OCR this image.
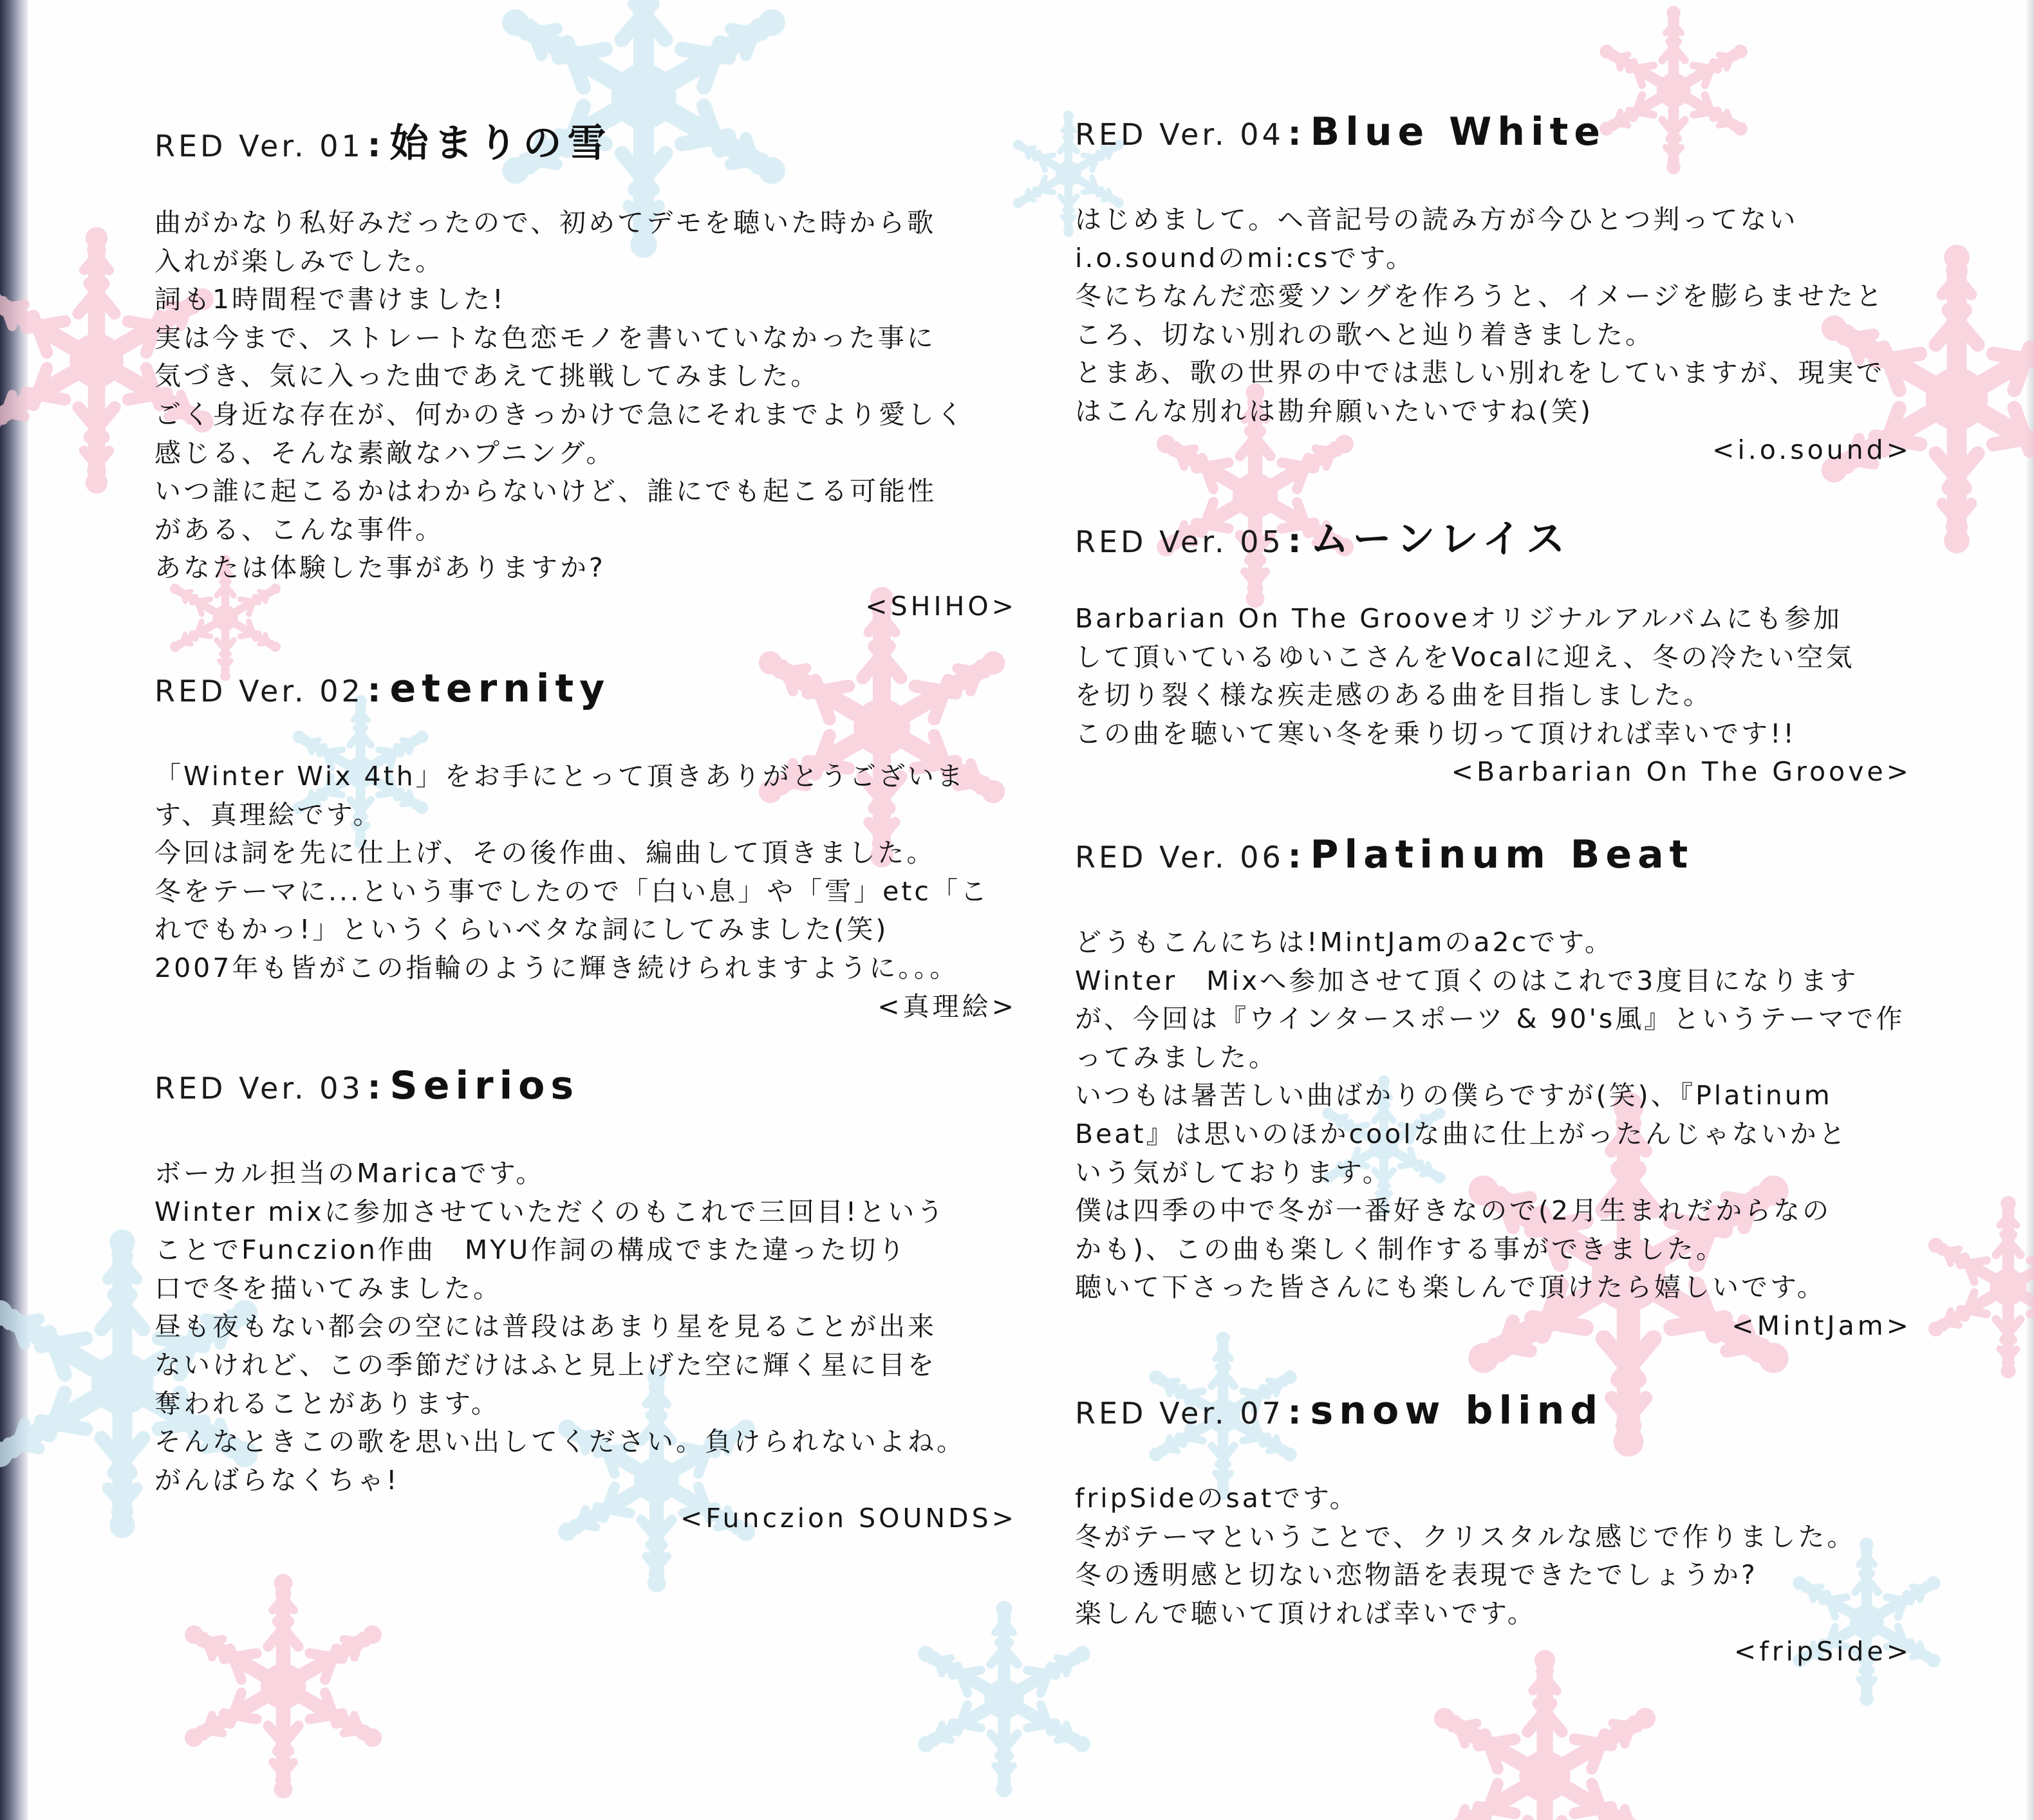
RED Ver. 01 : 始まりの雪
曲がかなり私好みだったので、初めてデモを聴いた時から歌
入れが楽しみでした。
詞も1時間程で書けました!
実は今まで、ストレートな色恋モノを書いていなかった事に
気づき、気に入った曲であえて挑戦してみました。
ごく身近な存在が、何かのきっかけで急にそれまでより愛しく
感じる、そんな素敵なハプニング。
いつ誰に起こるかはわからないけど、誰にでも起こる可能性
がある、こんな事件。
あなたは体験した事がありますか?
<SHIHO>
RED Ver. 02 : eternity
「Winter Wix 4th」をお手にとって頂きありがとうございま
す、真理絵です。
今回は詞を先に仕上げ、その後作曲、編曲して頂きました。
冬をテーマに...という事でしたので「白い息」や「雪」etc「こ
れでもかっ!」というくらいベタな詞にしてみました(笑)
2007年も皆がこの指輪のように輝き続けられますように。。。
<真理絵>
RED Ver. 03 : Seirios
ボーカル担当のMaricaです。
Winter mixに参加させていただくのもこれで三回目!という
ことでFunczion作曲　MYU作詞の構成でまた違った切り
口で冬を描いてみました。
昼も夜もない都会の空には普段はあまり星を見ることが出来
ないけれど、この季節だけはふと見上げた空に輝く星に目を
奪われることがあります。
そんなときこの歌を思い出してください。負けられないよね。
がんばらなくちゃ!
<Funczion SOUNDS>
RED Ver. 04 : Blue White
はじめまして。ヘ音記号の読み方が今ひとつ判ってない
i.o.soundのmi:csです。
冬にちなんだ恋愛ソングを作ろうと、イメージを膨らませたと
ころ、切ない別れの歌へと辿り着きました。
とまあ、歌の世界の中では悲しい別れをしていますが、現実で
はこんな別れは勘弁願いたいですね(笑)
<i.o.sound>
RED Ver. 05 : ムーンレイス
Barbarian On The Grooveオリジナルアルバムにも参加
して頂いているゆいこさんをVocalに迎え、冬の冷たい空気
を切り裂く様な疾走感のある曲を目指しました。
この曲を聴いて寒い冬を乗り切って頂ければ幸いです!!
<Barbarian On The Groove>
RED Ver. 06 : Platinum Beat
どうもこんにちは!MintJamのa2cです。
Winter　Mixへ参加させて頂くのはこれで3度目になります
が、今回は『ウインタースポーツ & 90's風』というテーマで作
ってみました。
いつもは暑苦しい曲ばかりの僕らですが(笑)、『Platinum
Beat』は思いのほかcoolな曲に仕上がったんじゃないかと
いう気がしております。
僕は四季の中で冬が一番好きなので(2月生まれだからなの
かも)、この曲も楽しく制作する事ができました。
聴いて下さった皆さんにも楽しんで頂けたら嬉しいです。
<MintJam>
RED Ver. 07 : snow blind
fripSideのsatです。
冬がテーマということで、クリスタルな感じで作りました。
冬の透明感と切ない恋物語を表現できたでしょうか?
楽しんで聴いて頂ければ幸いです。
<fripSide>
